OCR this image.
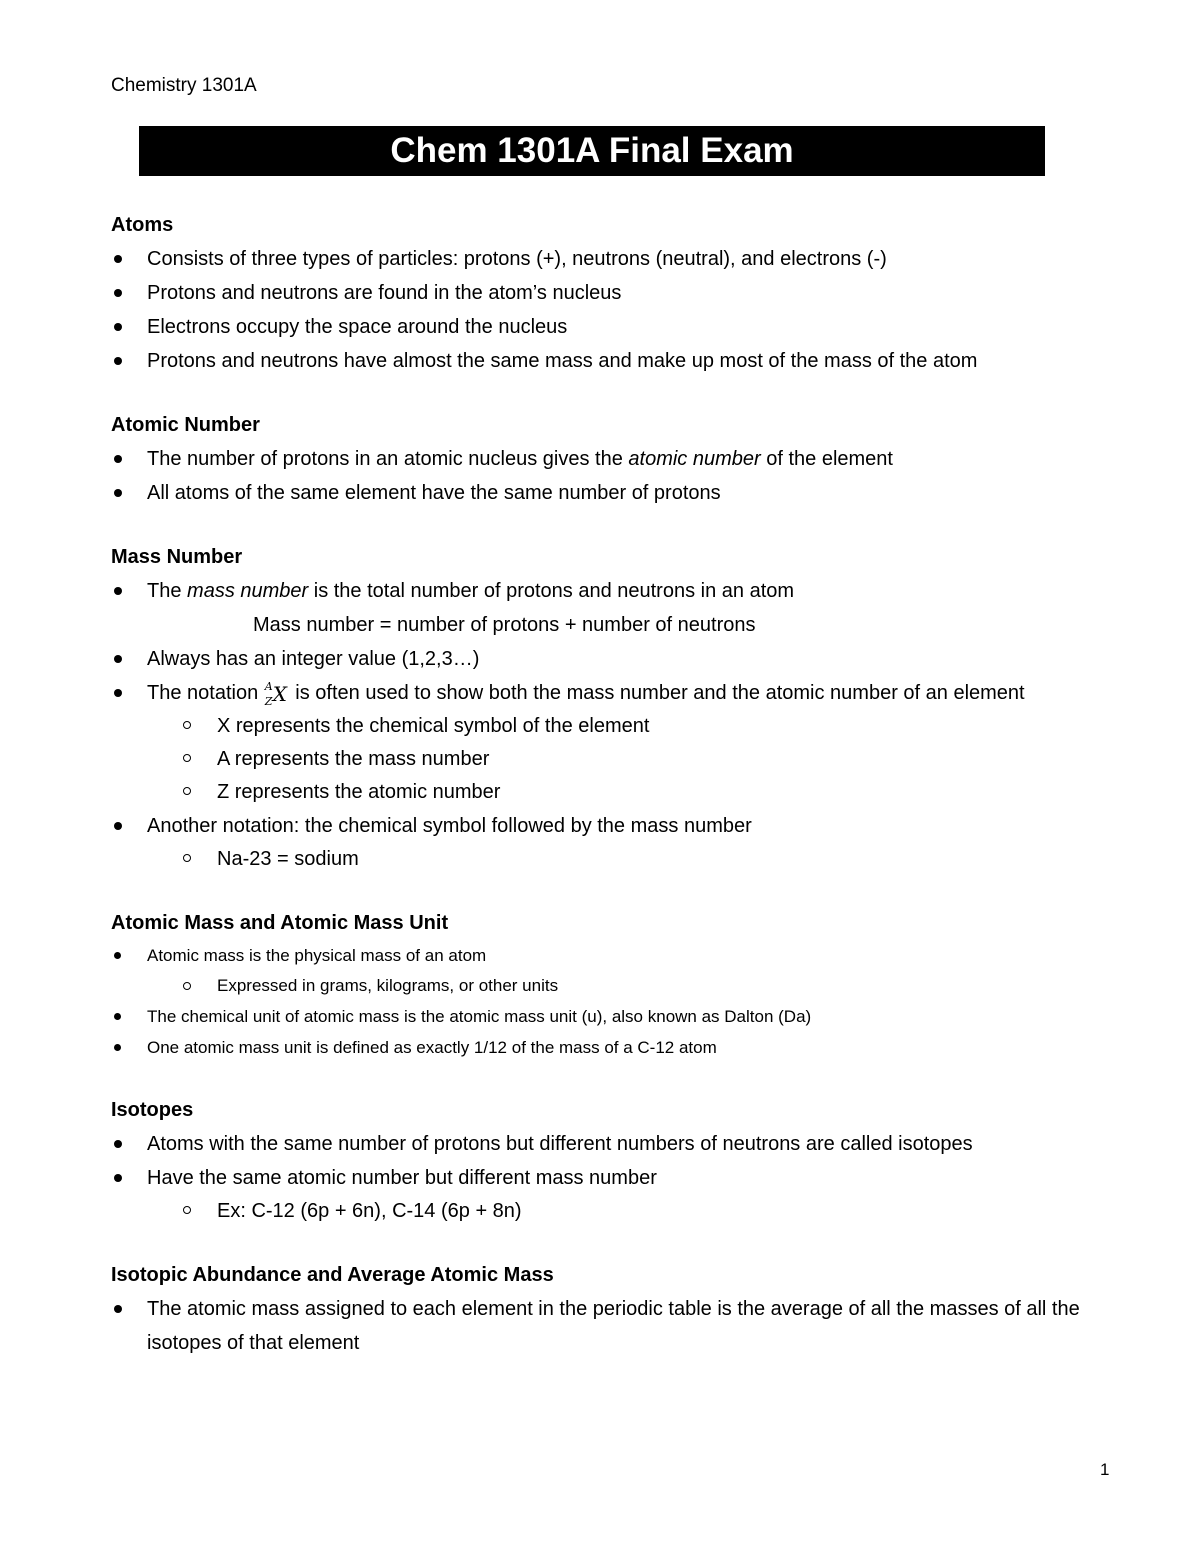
Chemistry 1301A
Chem 1301A Final Exam
Atoms
Consists of three types of particles: protons (+), neutrons (neutral), and electrons (-)
Protons and neutrons are found in the atom’s nucleus
Electrons occupy the space around the nucleus
Protons and neutrons have almost the same mass and make up most of the mass of the atom
Atomic Number
The number of protons in an atomic nucleus gives the atomic number of the element
All atoms of the same element have the same number of protons
Mass Number
The mass number is the total number of protons and neutrons in an atom
Mass number = number of protons + number of neutrons
Always has an integer value (1,2,3…)
The notation A
Z X is often used to show both the mass number and the atomic number of an element
X represents the chemical symbol of the element
A represents the mass number
Z represents the atomic number
Another notation: the chemical symbol followed by the mass number
Na-23 = sodium
Atomic Mass and Atomic Mass Unit
Atomic mass is the physical mass of an atom
Expressed in grams, kilograms, or other units
The chemical unit of atomic mass is the atomic mass unit (u), also known as Dalton (Da)
One atomic mass unit is defined as exactly 1/12 of the mass of a C-12 atom
Isotopes
Atoms with the same number of protons but different numbers of neutrons are called isotopes
Have the same atomic number but different mass number
Ex: C-12 (6p + 6n), C-14 (6p + 8n)
Isotopic Abundance and Average Atomic Mass
The atomic mass assigned to each element in the periodic table is the average of all the masses of all the isotopes of that element
1
